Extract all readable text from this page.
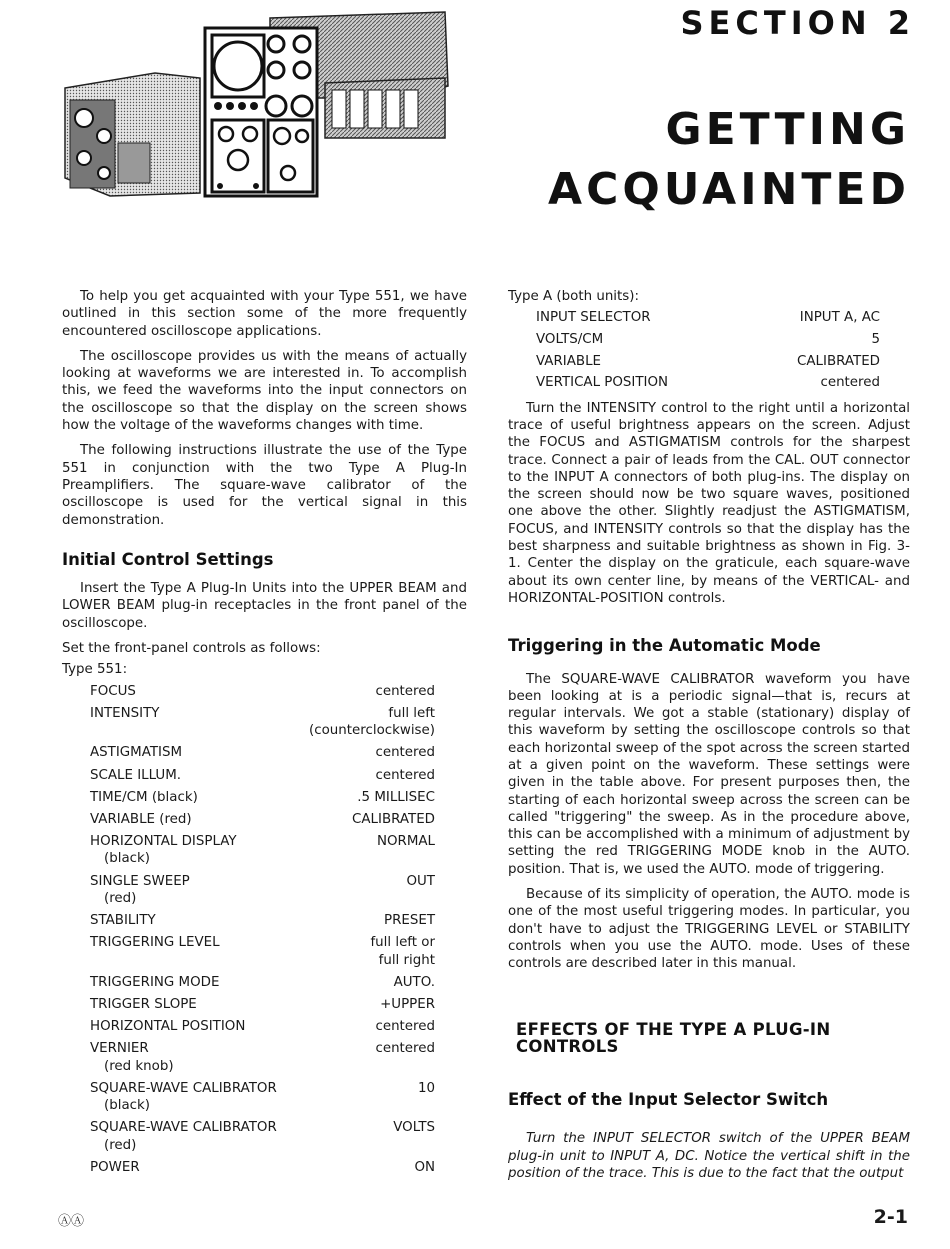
SECTION 2
GETTING
ACQUAINTED

To help you get acquainted with your Type 551, we have outlined in this section some of the more frequently encountered oscilloscope applications.

The oscilloscope provides us with the means of actually looking at waveforms we are interested in. To accomplish this, we feed the waveforms into the input connectors on the oscilloscope so that the display on the screen shows how the voltage of the waveforms changes with time.

The following instructions illustrate the use of the Type 551 in conjunction with the two Type A Plug-In Preamplifiers. The square-wave calibrator of the oscilloscope is used for the vertical signal in this demonstration.

Initial Control Settings

Insert the Type A Plug-In Units into the UPPER BEAM and LOWER BEAM plug-in receptacles in the front panel of the oscilloscope.

Set the front-panel controls as follows:

Type 551:
FOCUS	centered
INTENSITY	full left
(counterclockwise)
ASTIGMATISM	centered
SCALE ILLUM.	centered
TIME/CM (black)	.5 MILLISEC
VARIABLE (red)	CALIBRATED
HORIZONTAL DISPLAY	NORMAL
(black)
SINGLE SWEEP	OUT
(red)
STABILITY	PRESET
TRIGGERING LEVEL	full left or
full right
TRIGGERING MODE	AUTO.
TRIGGER SLOPE	+UPPER
HORIZONTAL POSITION	centered
VERNIER	centered
(red knob)
SQUARE-WAVE CALIBRATOR	10
(black)
SQUARE-WAVE CALIBRATOR	VOLTS
(red)
POWER	ON
Type A (both units):
INPUT SELECTOR	INPUT A, AC
VOLTS/CM	5
VARIABLE	CALIBRATED
VERTICAL POSITION	centered

Turn the INTENSITY control to the right until a horizontal trace of useful brightness appears on the screen. Adjust the FOCUS and ASTIGMATISM controls for the sharpest trace. Connect a pair of leads from the CAL. OUT connector to the INPUT A connectors of both plug-ins. The display on the screen should now be two square waves, positioned one above the other. Slightly readjust the ASTIGMATISM, FOCUS, and INTENSITY controls so that the display has the best sharpness and suitable brightness as shown in Fig. 3-1. Center the display on the graticule, each square-wave about its own center line, by means of the VERTICAL- and HORIZONTAL-POSITION controls.

Triggering in the Automatic Mode

The SQUARE-WAVE CALIBRATOR waveform you have been looking at is a periodic signal—that is, recurs at regular intervals. We got a stable (stationary) display of this waveform by setting the oscilloscope controls so that each horizontal sweep of the spot across the screen started at a given point on the waveform. These settings were given in the table above. For present purposes then, the starting of each horizontal sweep across the screen can be called "triggering" the sweep. As in the procedure above, this can be accomplished with a minimum of adjustment by setting the red TRIGGERING MODE knob in the AUTO. position. That is, we used the AUTO. mode of triggering.

Because of its simplicity of operation, the AUTO. mode is one of the most useful triggering modes. In particular, you don't have to adjust the TRIGGERING LEVEL or STABILITY controls when you use the AUTO. mode. Uses of these controls are described later in this manual.

EFFECTS OF THE TYPE A PLUG-IN CONTROLS
Effect of the Input Selector Switch

Turn the INPUT SELECTOR switch of the UPPER BEAM plug-in unit to INPUT A, DC. Notice the vertical shift in the position of the trace. This is due to the fact that the output

ⒶⒶ	2-1
